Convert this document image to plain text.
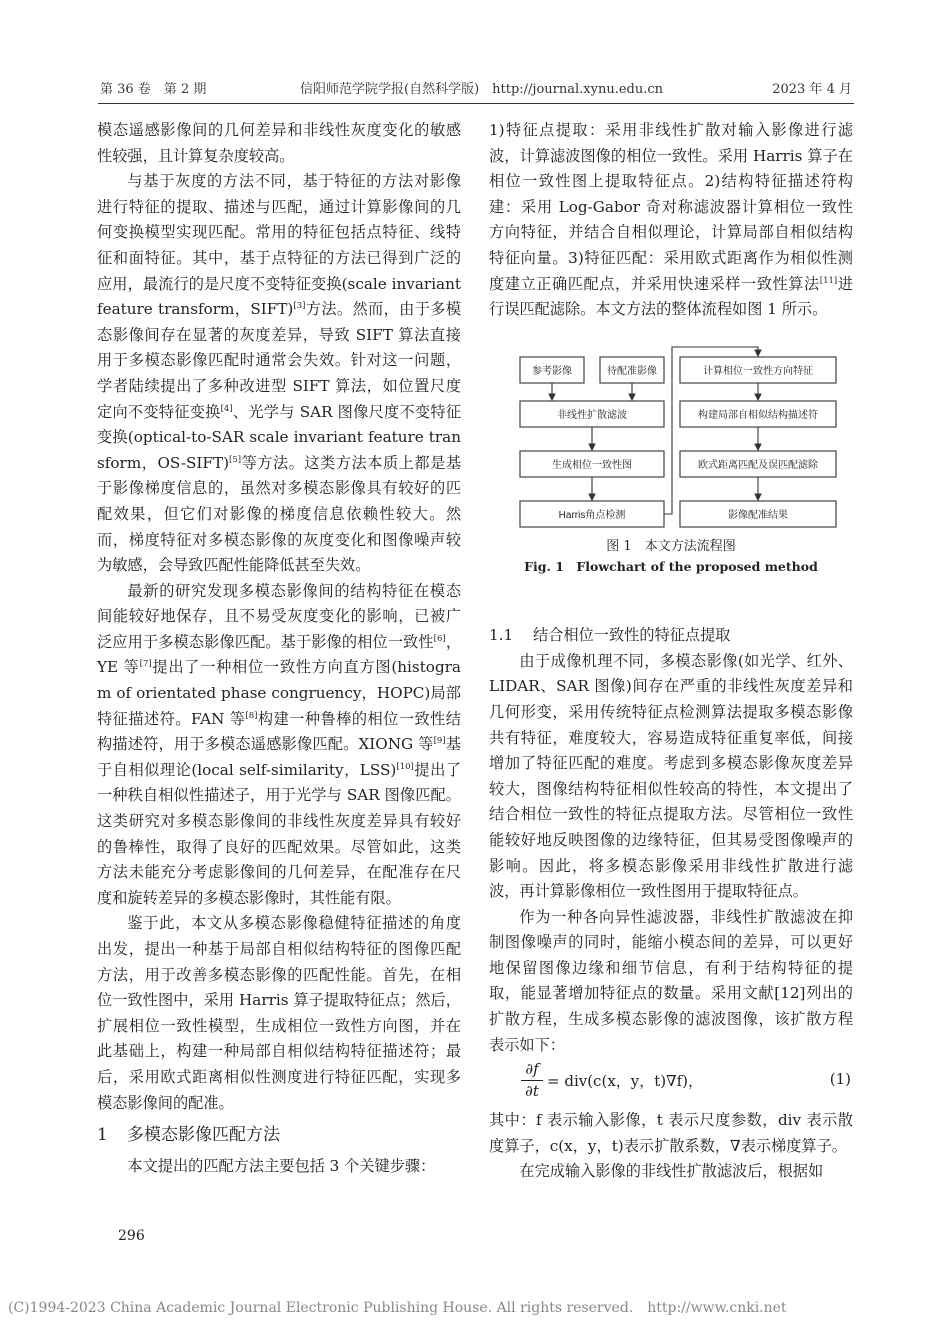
第 36 卷　第 2 期	信阳师范学院学报(自然科学版)　http://journal.xynu.edu.cn	2023 年 4 月

模态遥感影像间的几何差异和非线性灰度变化的敏感性较强，且计算复杂度较高。

与基于灰度的方法不同，基于特征的方法对影像进行特征的提取、描述与匹配，通过计算影像间的几何变换模型实现匹配。常用的特征包括点特征、线特征和面特征。其中，基于点特征的方法已得到广泛的应用，最流行的是尺度不变特征变换(scale invariant feature transform，SIFT)[3]方法。然而，由于多模态影像间存在显著的灰度差异，导致 SIFT 算法直接用于多模态影像匹配时通常会失效。针对这一问题，学者陆续提出了多种改进型 SIFT 算法，如位置尺度定向不变特征变换[4]、光学与 SAR 图像尺度不变特征变换(optical-to-SAR scale invariant feature transform，OS-SIFT)[5]等方法。这类方法本质上都是基于影像梯度信息的，虽然对多模态影像具有较好的匹配效果，但它们对影像的梯度信息依赖性较大。然而，梯度特征对多模态影像的灰度变化和图像噪声较为敏感，会导致匹配性能降低甚至失效。

最新的研究发现多模态影像间的结构特征在模态间能较好地保存，且不易受灰度变化的影响，已被广泛应用于多模态影像匹配。基于影像的相位一致性[6]，YE 等[7]提出了一种相位一致性方向直方图(histogram of orientated phase congruency，HOPC)局部特征描述符。FAN 等[8]构建一种鲁棒的相位一致性结构描述符，用于多模态遥感影像匹配。XIONG 等[9]基于自相似理论(local self-similarity，LSS)[10]提出了一种秩自相似性描述子，用于光学与 SAR 图像匹配。这类研究对多模态影像间的非线性灰度差异具有较好的鲁棒性，取得了良好的匹配效果。尽管如此，这类方法未能充分考虑影像间的几何差异，在配准存在尺度和旋转差异的多模态影像时，其性能有限。

鉴于此，本文从多模态影像稳健特征描述的角度出发，提出一种基于局部自相似结构特征的图像匹配方法，用于改善多模态影像的匹配性能。首先，在相位一致性图中，采用 Harris 算子提取特征点；然后，扩展相位一致性模型，生成相位一致性方向图，并在此基础上，构建一种局部自相似结构特征描述符；最后，采用欧式距离相似性测度进行特征匹配，实现多模态影像间的配准。

1 多模态影像匹配方法

本文提出的匹配方法主要包括 3 个关键步骤：

1)特征点提取：采用非线性扩散对输入影像进行滤波，计算滤波图像的相位一致性。采用 Harris 算子在相位一致性图上提取特征点。2)结构特征描述符构建：采用 Log-Gabor 奇对称滤波器计算相位一致性方向特征，并结合自相似理论，计算局部自相似结构特征向量。3)特征匹配：采用欧式距离作为相似性测度建立正确匹配点，并采用快速采样一致性算法[11]进行误匹配滤除。本文方法的整体流程如图 1 所示。

参考影像	待配准影像
非线性扩散滤波
生成相位一致性图
Harris角点检测
计算相位一致性方向特征
构建局部自相似结构描述符
欧式距离匹配及误匹配滤除
影像配准结果
图 1　本文方法流程图
Fig. 1　Flowchart of the proposed method
1.1 结合相位一致性的特征点提取

由于成像机理不同，多模态影像(如光学、红外、LIDAR、SAR 图像)间存在严重的非线性灰度差异和几何形变，采用传统特征点检测算法提取多模态影像共有特征，难度较大，容易造成特征重复率低，间接增加了特征匹配的难度。考虑到多模态影像灰度差异较大，图像结构特征相似性较高的特性，本文提出了结合相位一致性的特征点提取方法。尽管相位一致性能较好地反映图像的边缘特征，但其易受图像噪声的影响。因此，将多模态影像采用非线性扩散进行滤波，再计算影像相位一致性图用于提取特征点。

作为一种各向异性滤波器，非线性扩散滤波在抑制图像噪声的同时，能缩小模态间的差异，可以更好地保留图像边缘和细节信息，有利于结构特征的提取，能显著增加特征点的数量。采用文献[12]列出的扩散方程，生成多模态影像的滤波图像，该扩散方程表示如下：

∂f
∂t
= div(c(x，y，t)∇f)，	(1)

其中：f 表示输入影像，t 表示尺度参数，div 表示散度算子，c(x，y，t)表示扩散系数，∇表示梯度算子。

在完成输入影像的非线性扩散滤波后，根据如

296
(C)1994-2023 China Academic Journal Electronic Publishing House. All rights reserved.　http://www.cnki.net
